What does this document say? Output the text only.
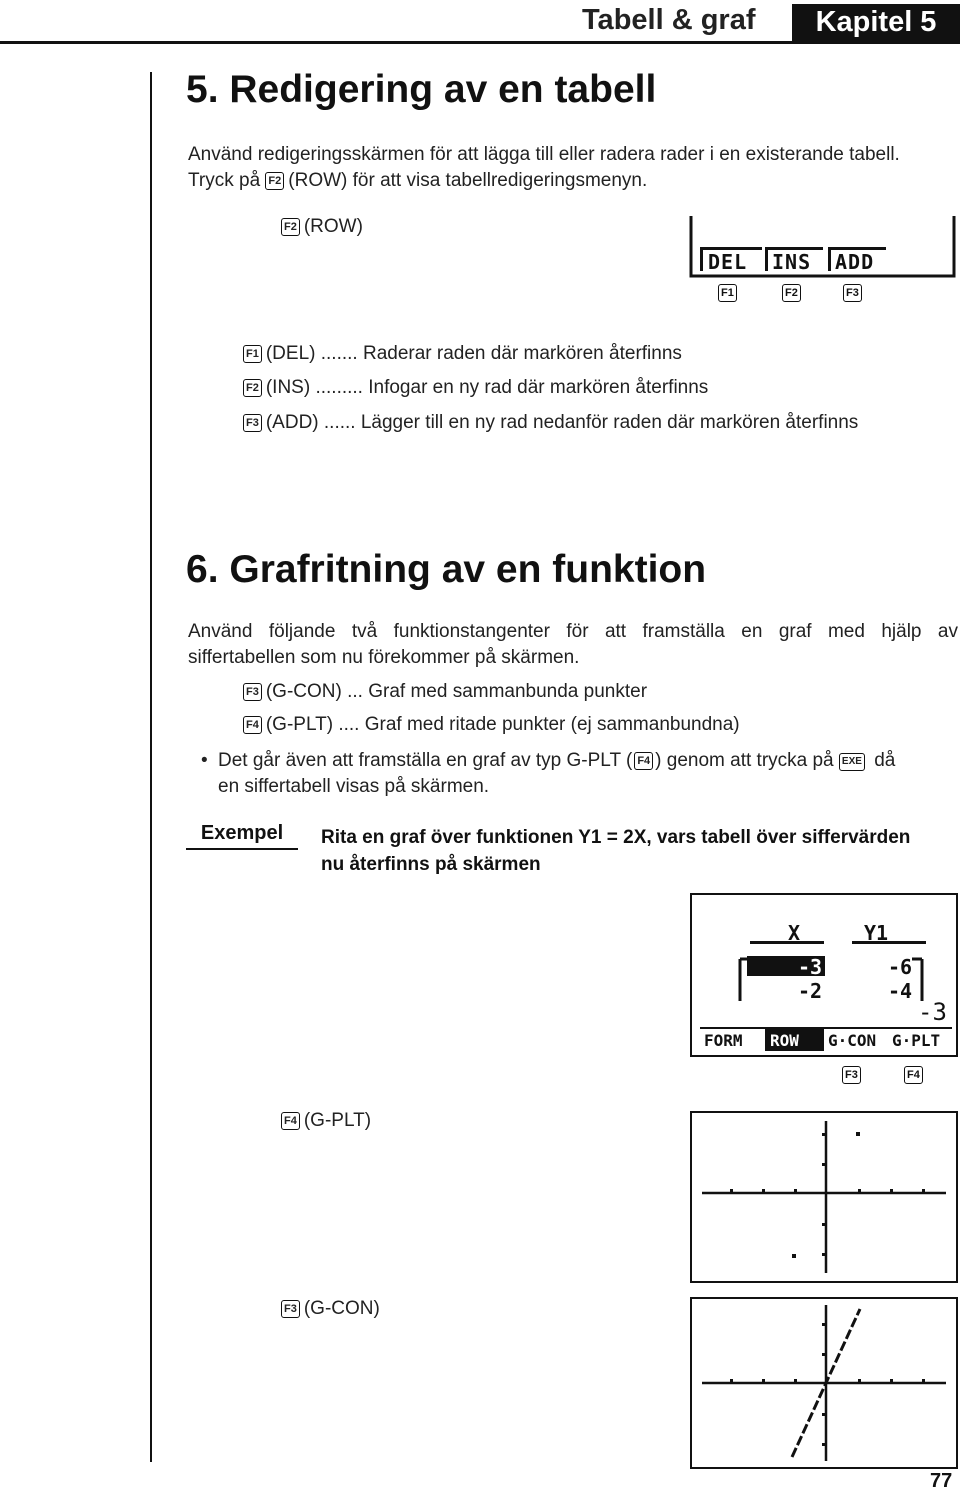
Tabell & graf	Kapitel 5
5. Redigering av en tabell
Använd redigeringsskärmen för att lägga till eller radera rader i en existerande tabell.
Tryck på F2 (ROW) för att visa tabellredigeringsmenyn.
F2 (ROW)
DEL INS ADD
F1	F2	F3
F1 (DEL) ....... Raderar raden där markören återfinns
F2 (INS) ......... Infogar en ny rad där markören återfinns
F3 (ADD) ...... Lägger till en ny rad nedanför raden där markören återfinns
6. Grafritning av en funktion
Använd följande två funktionstangenter för att framställa en graf med hjälp av
siffertabellen som nu förekommer på skärmen.
F3 (G-CON) ... Graf med sammanbunda punkter
F4 (G-PLT) .... Graf med ritade punkter (ej sammanbundna)
• Det går även att framställa en graf av typ G-PLT ( F4 ) genom att trycka på EXE då
en siffertabell visas på skärmen.
Exempel	Rita en graf över funktionen Y1 = 2X, vars tabell över siffervärden
nu återfinns på skärmen
X	Y1
-3	-6
-2	-4
-3
FORM ROW G·CON G·PLT
F3	F4
F4 (G-PLT)
F3 (G-CON)
77
